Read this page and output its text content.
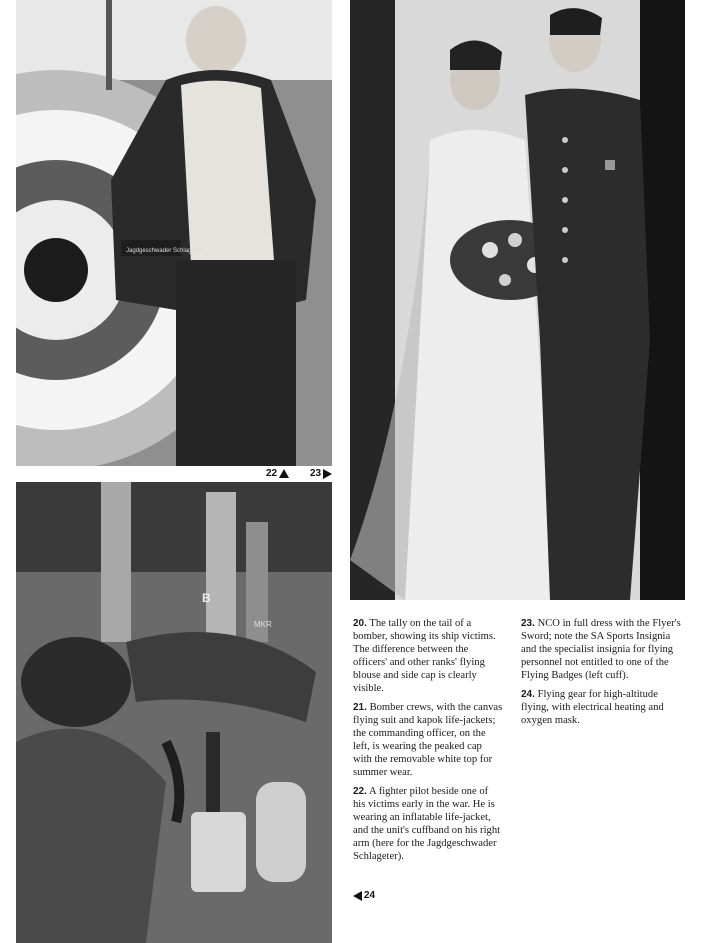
Jagdgeschwader Schlageter
22	23
B
MKR	20. The tally on the tail of a bomber, showing its ship victims. The difference between the officers' and other ranks' flying blouse and side cap is clearly visible.

21. Bomber crews, with the canvas flying suit and kapok life-jackets; the commanding officer, on the left, is wearing the peaked cap with the removable white top for summer wear.

22. A fighter pilot beside one of his victims early in the war. He is wearing an inflatable life-jacket, and the unit's cuffband on his right arm (here for the Jagdgeschwader Schlageter).

23. NCO in full dress with the Flyer's Sword; note the SA Sports Insignia and the specialist insignia for flying personnel not entitled to one of the Flying Badges (left cuff).

24. Flying gear for high-altitude flying, with electrical heating and oxygen mask.

24
